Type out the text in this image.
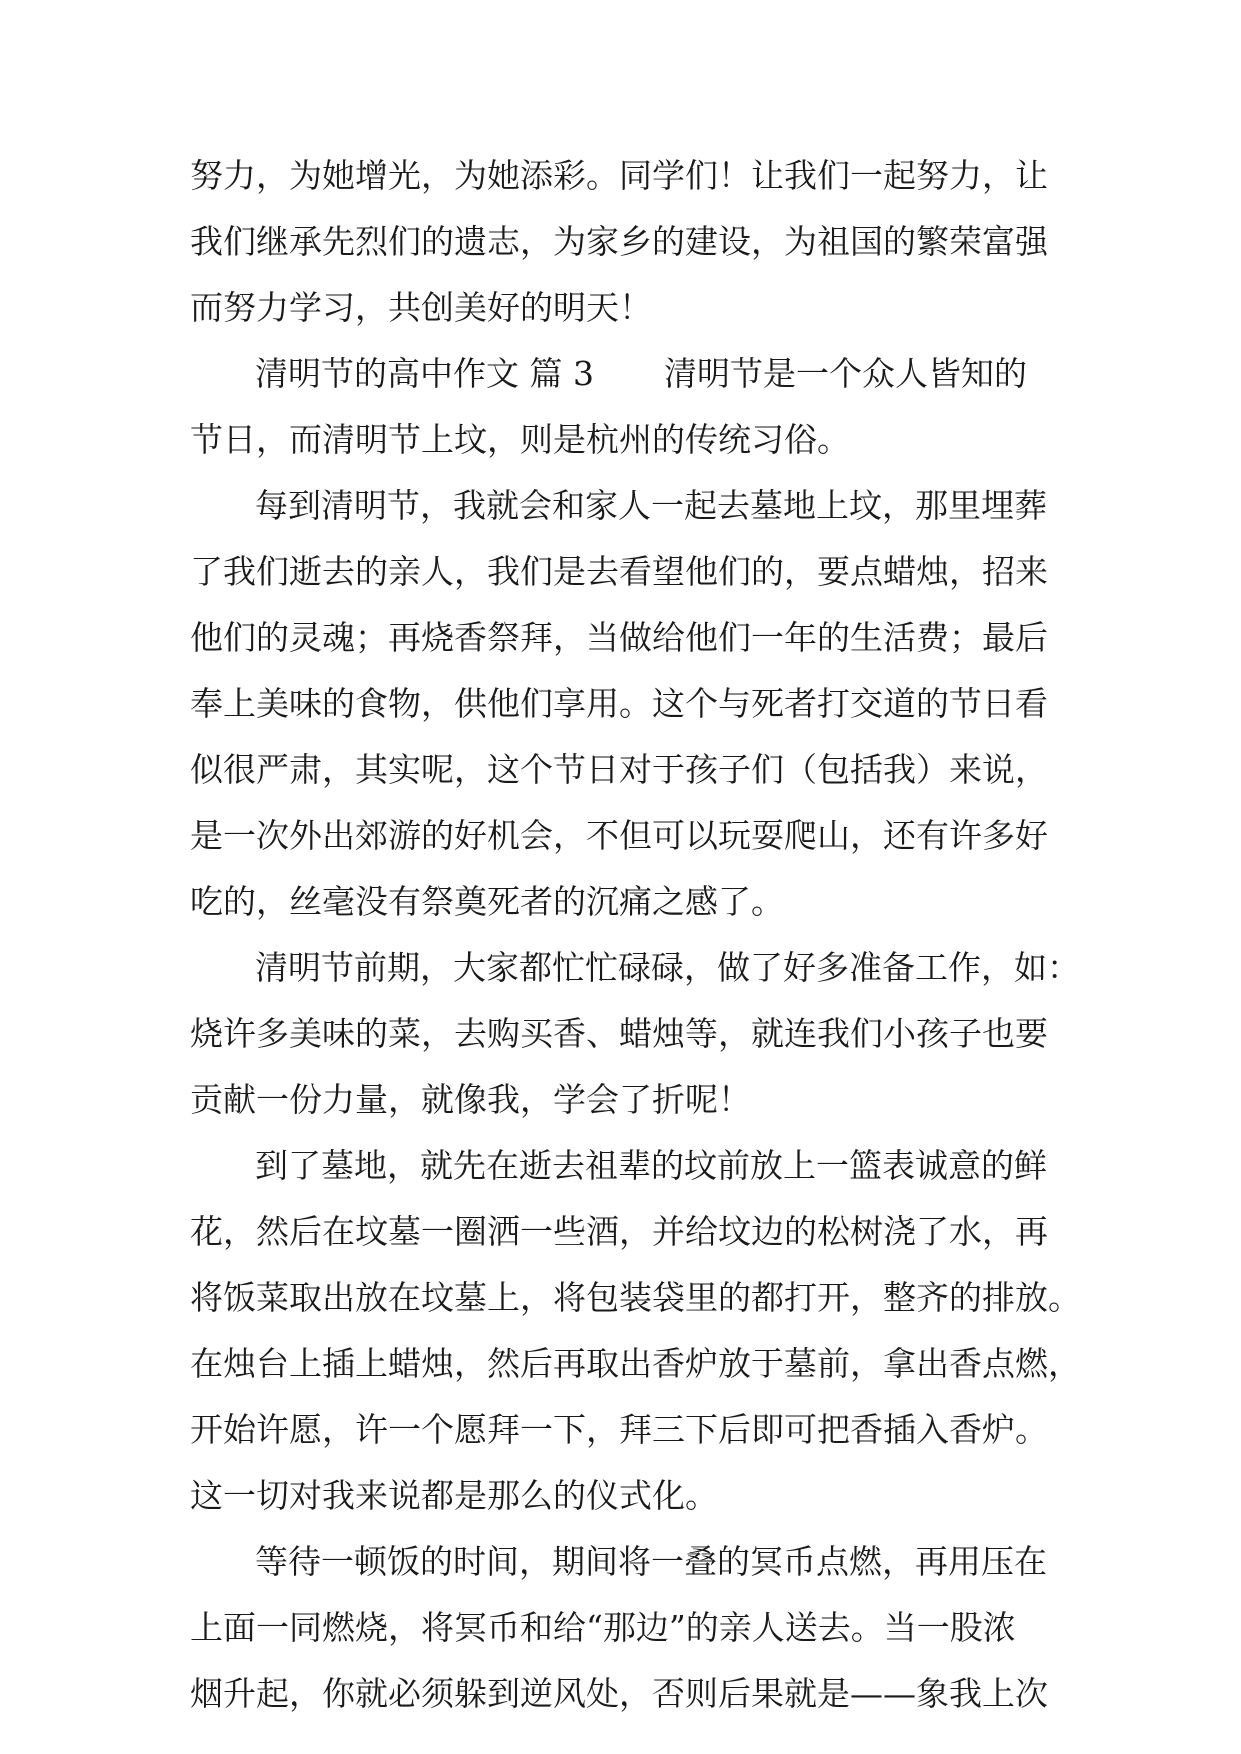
努力，为她增光，为她添彩。同学们！让我们一起努力，让
我们继承先烈们的遗志，为家乡的建设，为祖国的繁荣富强
而努力学习，共创美好的明天！
清明节的高中作文 篇 3 清明节是一个众人皆知的
节日，而清明节上坟，则是杭州的传统习俗。
每到清明节，我就会和家人一起去墓地上坟，那里埋葬
了我们逝去的亲人，我们是去看望他们的，要点蜡烛，招来
他们的灵魂；再烧香祭拜，当做给他们一年的生活费；最后
奉上美味的食物，供他们享用。这个与死者打交道的节日看
似很严肃，其实呢，这个节日对于孩子们（包括我）来说，
是一次外出郊游的好机会，不但可以玩耍爬山，还有许多好
吃的，丝毫没有祭奠死者的沉痛之感了。
清明节前期，大家都忙忙碌碌，做了好多准备工作，如：
烧许多美味的菜，去购买香、蜡烛等，就连我们小孩子也要
贡献一份力量，就像我，学会了折呢！
到了墓地，就先在逝去祖辈的坟前放上一篮表诚意的鲜
花，然后在坟墓一圈洒一些酒，并给坟边的松树浇了水，再
将饭菜取出放在坟墓上，将包装袋里的都打开，整齐的排放。
在烛台上插上蜡烛，然后再取出香炉放于墓前，拿出香点燃，
开始许愿，许一个愿拜一下，拜三下后即可把香插入香炉。
这一切对我来说都是那么的仪式化。
等待一顿饭的时间，期间将一叠的冥币点燃，再用压在
上面一同燃烧，将冥币和给“那边”的亲人送去。当一股浓
烟升起，你就必须躲到逆风处，否则后果就是——象我上次
